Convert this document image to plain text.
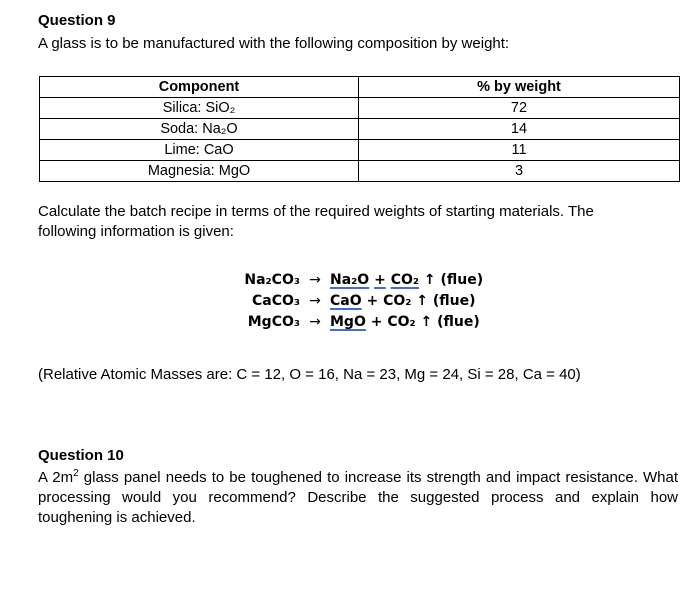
Question 9
A glass is to be manufactured with the following composition by weight:
Component	% by weight
Silica: SiO₂	72
Soda: Na₂O	14
Lime: CaO	11
Magnesia: MgO	3
Calculate the batch recipe in terms of the required weights of starting materials. The following information is given:
Na₂CO₃ → Na₂O + CO₂ ↑ (flue)
CaCO₃ → CaO + CO₂ ↑ (flue)
MgCO₃ → MgO + CO₂ ↑ (flue)
(Relative Atomic Masses are: C = 12, O = 16, Na = 23, Mg = 24, Si = 28, Ca = 40)
Question 10
A $2m^2$ glass panel needs to be toughened to increase its strength and impact resistance. What processing would you recommend? Describe the suggested process and explain how toughening is achieved.
